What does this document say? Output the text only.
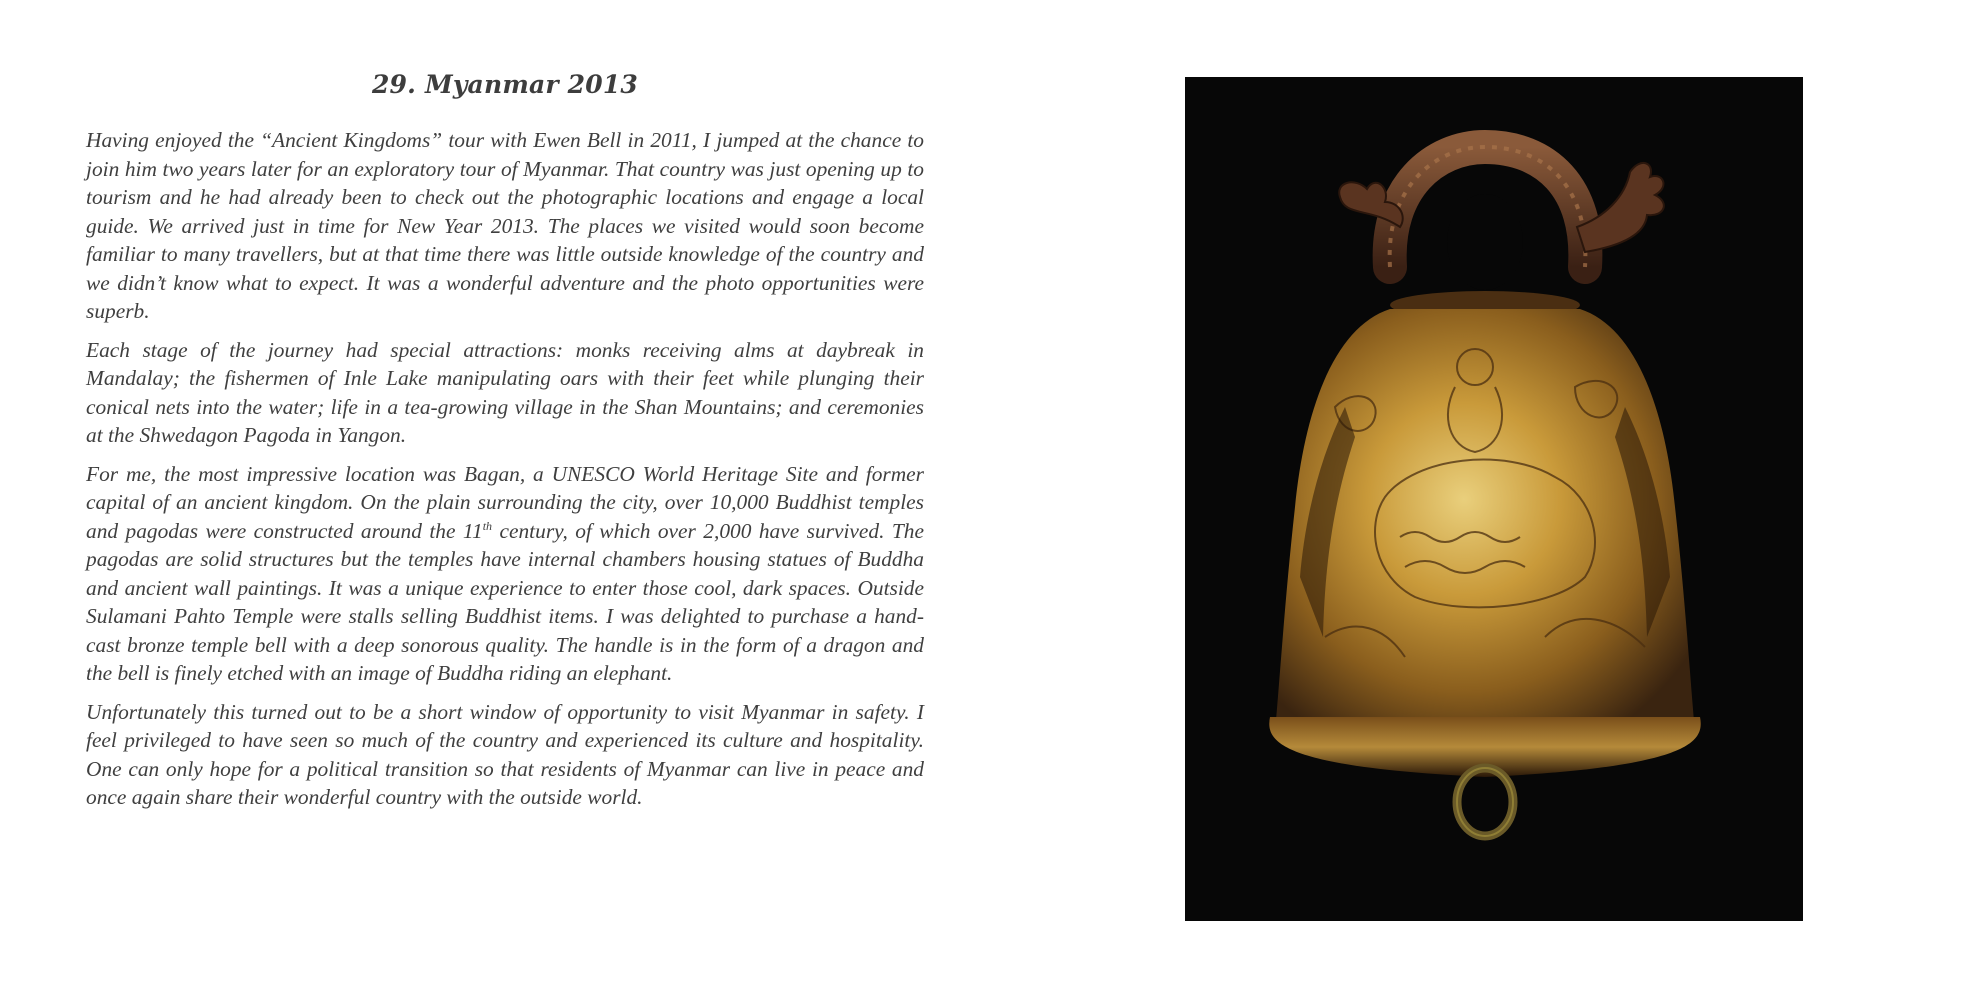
29. Myanmar 2013

Having enjoyed the “Ancient Kingdoms” tour with Ewen Bell in 2011, I jumped at the chance to join him two years later for an exploratory tour of Myanmar. That country was just opening up to tourism and he had already been to check out the photographic locations and engage a local guide. We arrived just in time for New Year 2013. The places we visited would soon become familiar to many travellers, but at that time there was little outside knowledge of the country and we didn’t know what to expect. It was a wonderful adventure and the photo opportunities were superb.

Each stage of the journey had special attractions: monks receiving alms at daybreak in Mandalay; the fishermen of Inle Lake manipulating oars with their feet while plunging their conical nets into the water; life in a tea-growing village in the Shan Mountains; and ceremonies at the Shwedagon Pagoda in Yangon.

For me, the most impressive location was Bagan, a UNESCO World Heritage Site and former capital of an ancient kingdom. On the plain surrounding the city, over 10,000 Buddhist temples and pagodas were constructed around the 11th century, of which over 2,000 have survived. The pagodas are solid structures but the temples have internal chambers housing statues of Buddha and ancient wall paintings. It was a unique experience to enter those cool, dark spaces. Outside Sulamani Pahto Temple were stalls selling Buddhist items. I was delighted to purchase a hand-cast bronze temple bell with a deep sonorous quality. The handle is in the form of a dragon and the bell is finely etched with an image of Buddha riding an elephant.

Unfortunately this turned out to be a short window of opportunity to visit Myanmar in safety. I feel privileged to have seen so much of the country and experienced its culture and hospitality. One can only hope for a political transition so that residents of Myanmar can live in peace and once again share their wonderful country with the outside world.
